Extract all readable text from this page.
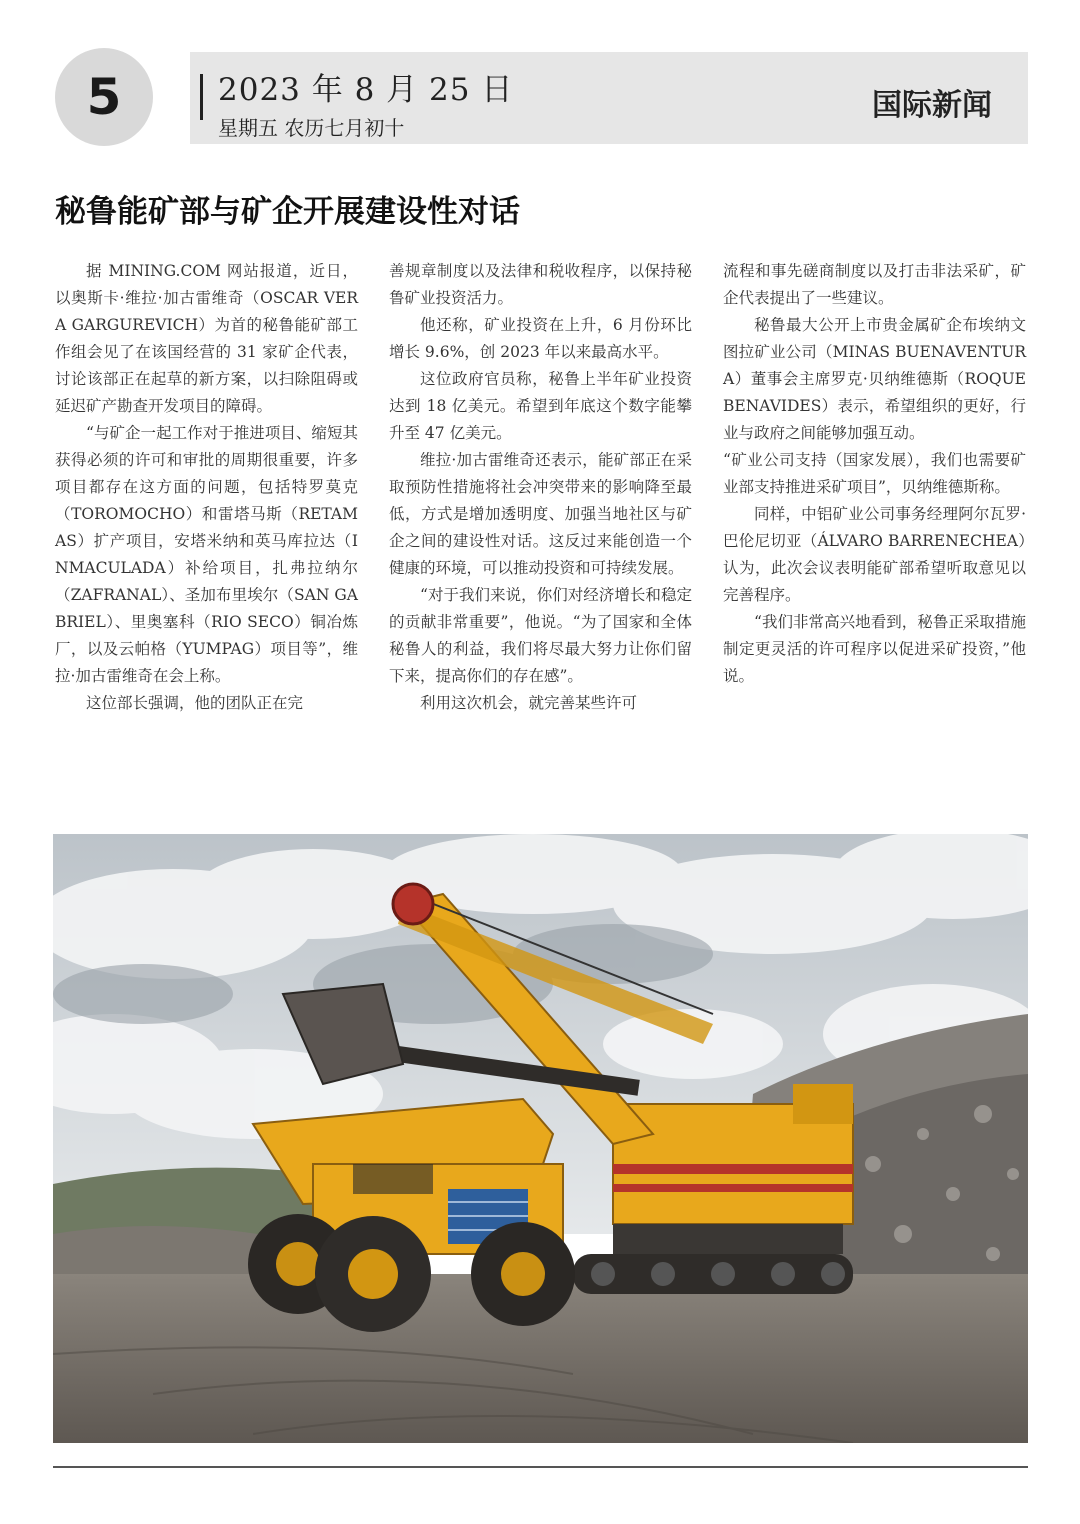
5	2023 年 8 月 25 日
星期五 农历七月初十
国际新闻
秘鲁能矿部与矿企开展建设性对话

据 MINING.COM 网站报道，近日，以奥斯卡·维拉·加古雷维奇（OSCAR VERA GARGUREVICH）为首的秘鲁能矿部工作组会见了在该国经营的 31 家矿企代表，讨论该部正在起草的新方案，以扫除阻碍或延迟矿产勘查开发项目的障碍。

“与矿企一起工作对于推进项目、缩短其获得必须的许可和审批的周期很重要，许多项目都存在这方面的问题，包括特罗莫克（TOROMOCHO）和雷塔马斯（RETAMAS）扩产项目，安塔米纳和英马库拉达（INMACULADA）补给项目，扎弗拉纳尔（ZAFRANAL）、圣加布里埃尔（SAN GABRIEL）、里奥塞科（RIO SECO）铜冶炼厂，以及云帕格（YUMPAG）项目等”，维拉·加古雷维奇在会上称。

这位部长强调，他的团队正在完

善规章制度以及法律和税收程序，以保持秘鲁矿业投资活力。

他还称，矿业投资在上升，6 月份环比增长 9.6%，创 2023 年以来最高水平。

这位政府官员称，秘鲁上半年矿业投资达到 18 亿美元。希望到年底这个数字能攀升至 47 亿美元。

维拉·加古雷维奇还表示，能矿部正在采取预防性措施将社会冲突带来的影响降至最低，方式是增加透明度、加强当地社区与矿企之间的建设性对话。这反过来能创造一个健康的环境，可以推动投资和可持续发展。

“对于我们来说，你们对经济增长和稳定的贡献非常重要”，他说。“为了国家和全体秘鲁人的利益，我们将尽最大努力让你们留下来，提高你们的存在感”。

利用这次机会，就完善某些许可

流程和事先磋商制度以及打击非法采矿，矿企代表提出了一些建议。

秘鲁最大公开上市贵金属矿企布埃纳文图拉矿业公司（MINAS BUENAVENTURA）董事会主席罗克·贝纳维德斯（ROQUE BENAVIDES）表示，希望组织的更好，行业与政府之间能够加强互动。

“矿业公司支持（国家发展），我们也需要矿业部支持推进采矿项目”，贝纳维德斯称。

同样，中铝矿业公司事务经理阿尔瓦罗·巴伦尼切亚（ÁLVARO BARRENECHEA）认为，此次会议表明能矿部希望听取意见以完善程序。

“我们非常高兴地看到，秘鲁正采取措施制定更灵活的许可程序以促进采矿投资，”他说。
